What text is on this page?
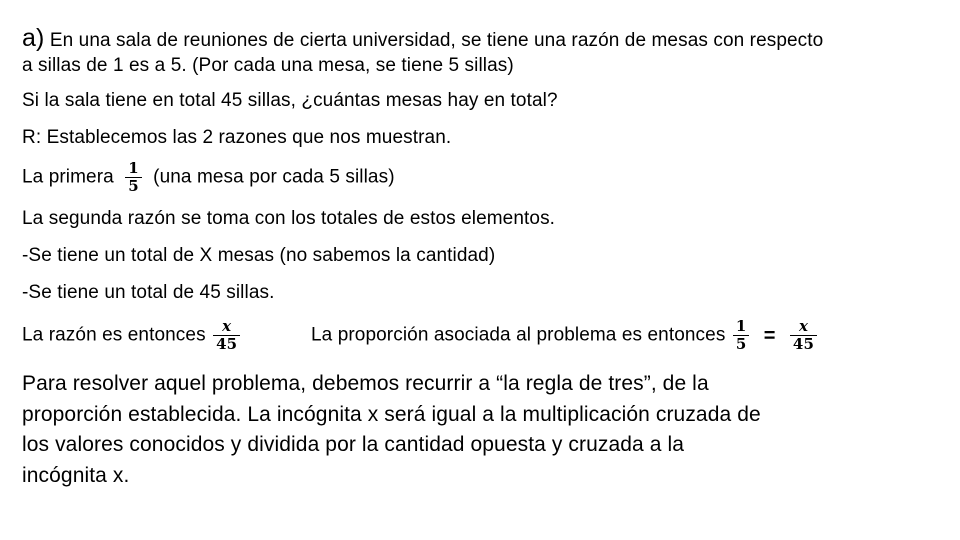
a) En una sala de reuniones de cierta universidad, se tiene una razón de mesas con respecto
a sillas de 1 es a 5. (Por cada una mesa, se tiene 5 sillas)
Si la sala tiene en total 45 sillas, ¿cuántas mesas hay en total?
R: Establecemos las 2 razones que nos muestran.
La primera $\frac{1}{5} (una$ mesa por cada 5 sillas)
La segunda razón se toma con los totales de estos elementos.
-Se tiene un total de X mesas (no sabemos la cantidad)
-Se tiene un total de 45 sillas.
La razón es entonces $\frac{x}{45}$	La proporción asociada al problema es entonces $\frac{1}{5} = \frac{x}{45}$
Para resolver aquel problema, debemos recurrir a “la regla de tres”, de la
proporción establecida. La incógnita x será igual a la multiplicación cruzada de
los valores conocidos y dividida por la cantidad opuesta y cruzada a la
incógnita x.
